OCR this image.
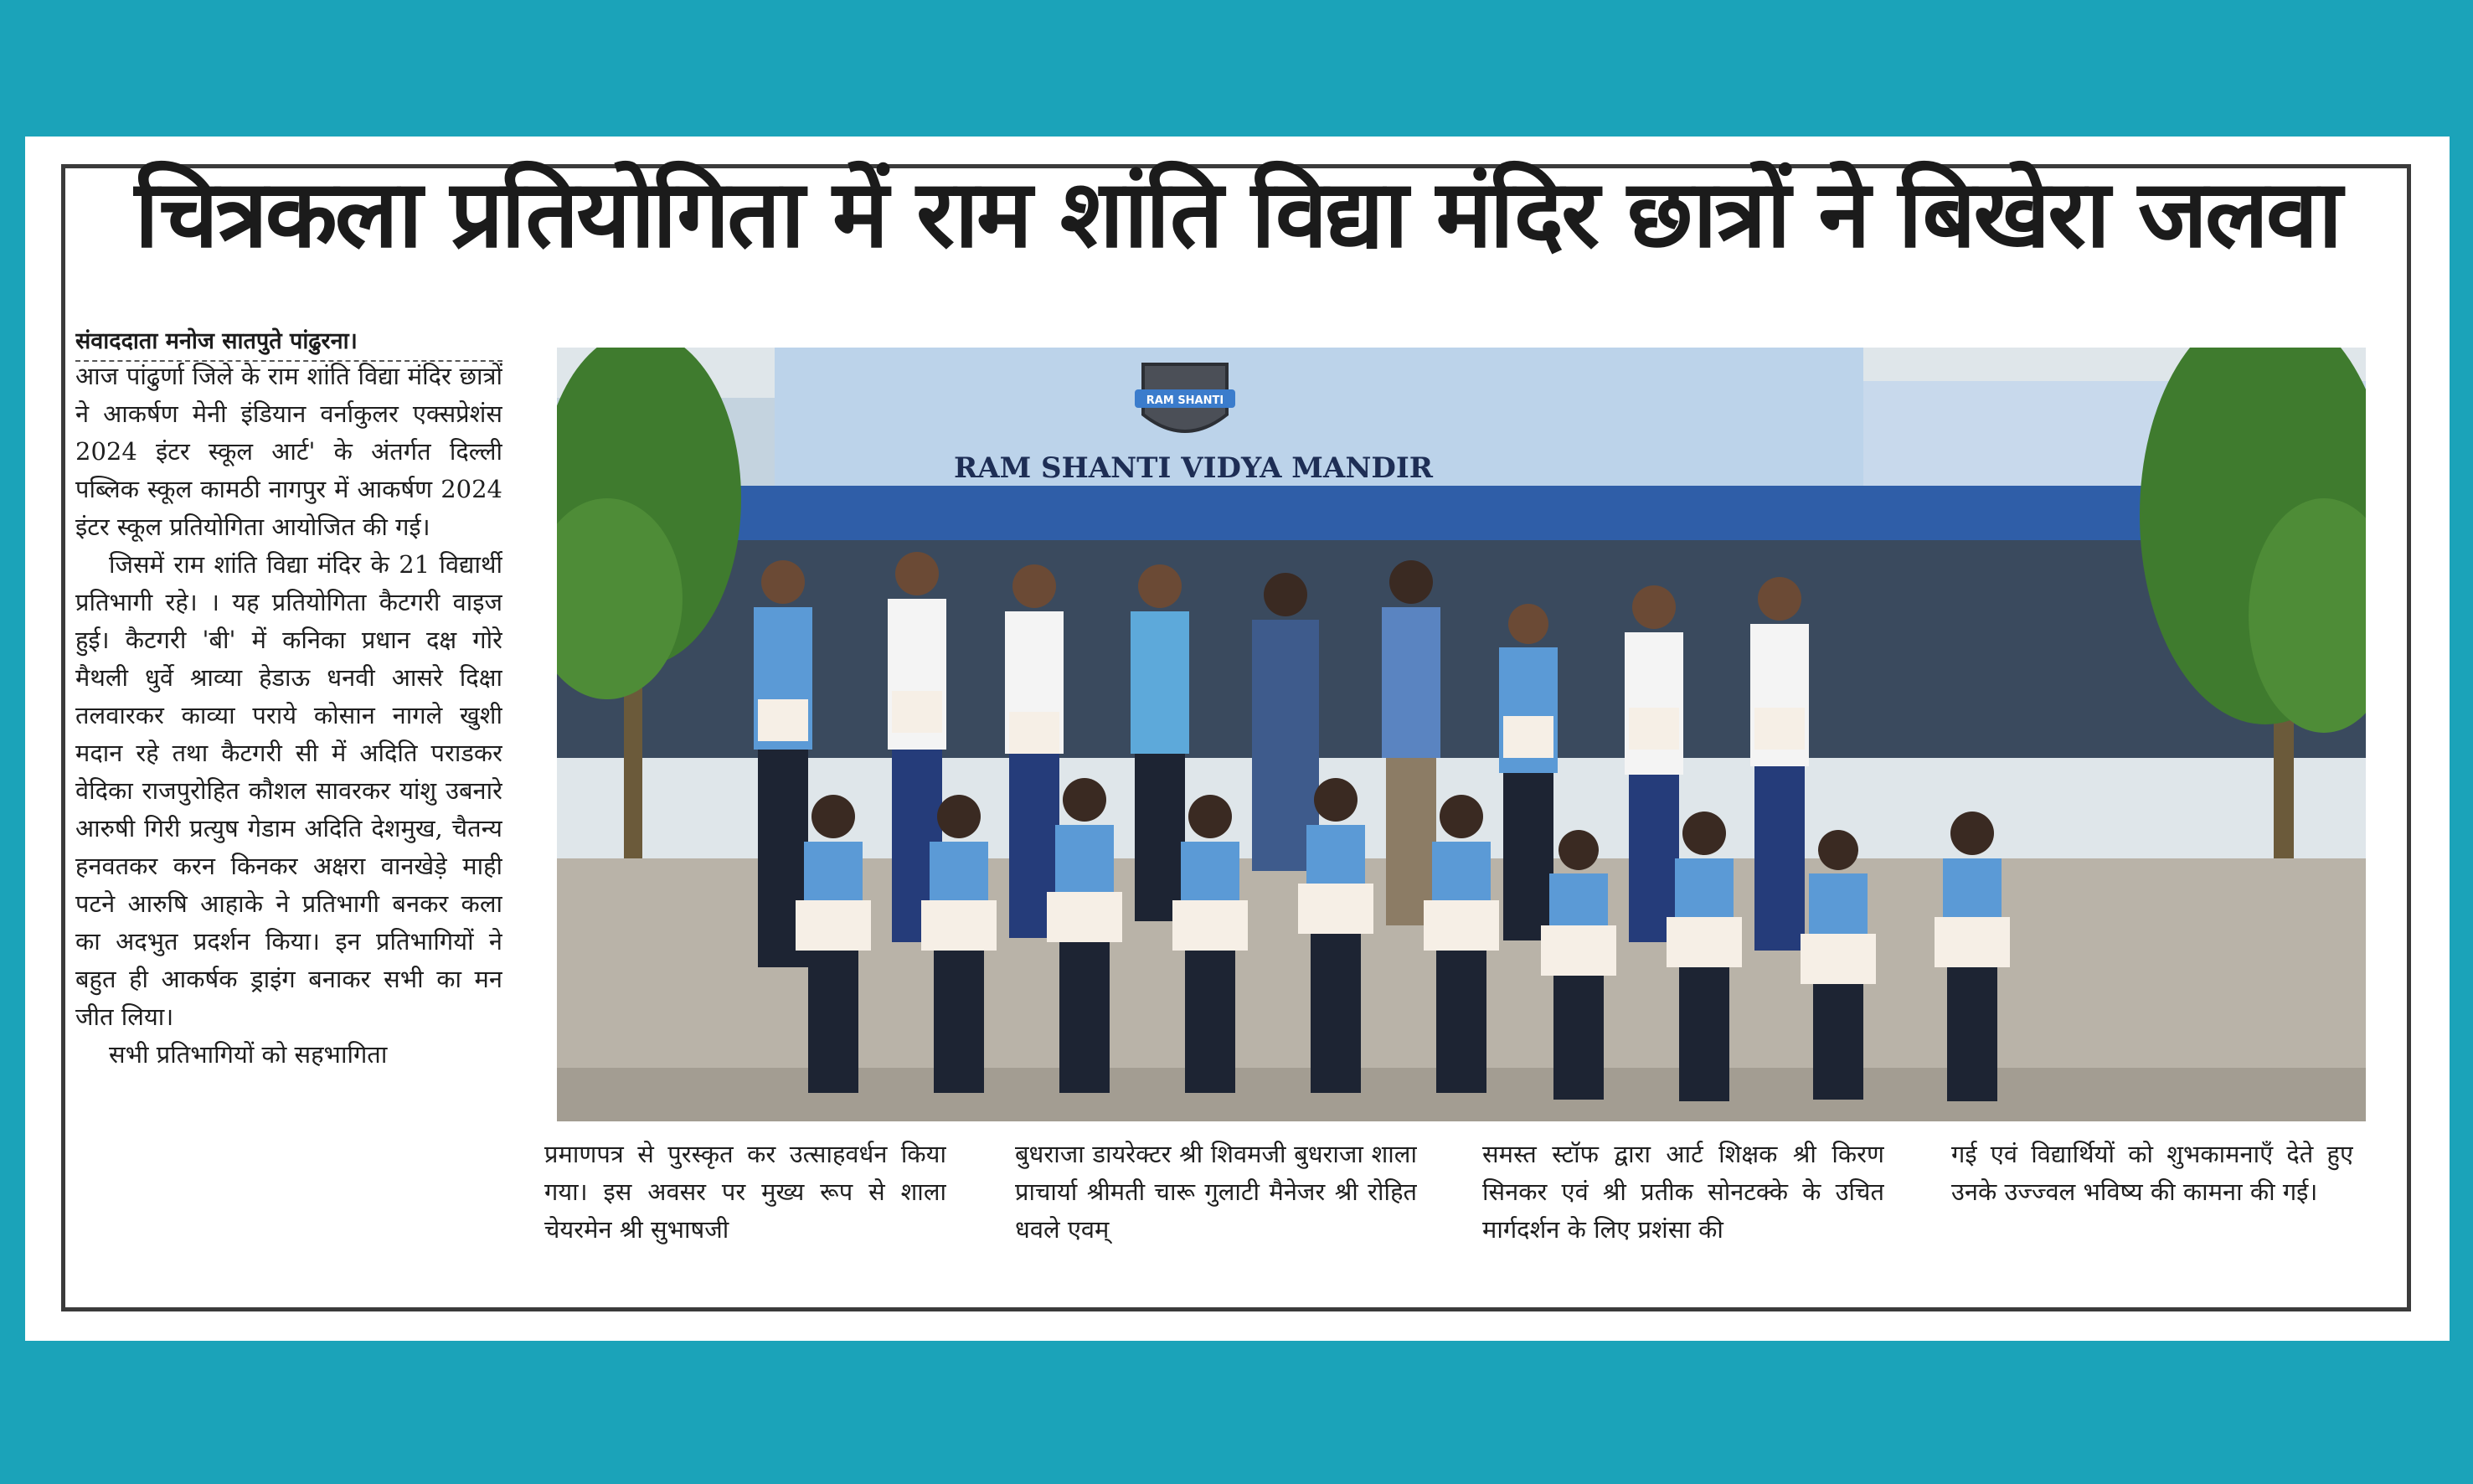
चित्रकला प्रतियोगिता में राम शांति विद्या मंदिर छात्रों ने बिखेरा जलवा
संवाददाता मनोज सातपुते पांढुरना।

आज पांढुर्णा जिले के राम शांति विद्या मंदिर छात्रों ने आकर्षण मेनी इंडियान वर्नाकुलर एक्सप्रेशंस 2024 इंटर स्कूल आर्ट' के अंतर्गत दिल्ली पब्लिक स्कूल कामठी नागपुर में आकर्षण 2024 इंटर स्कूल प्रतियोगिता आयोजित की गई।

जिसमें राम शांति विद्या मंदिर के 21 विद्यार्थी प्रतिभागी रहे। । यह प्रतियोगिता कैटगरी वाइज हुई। कैटगरी 'बी' में कनिका प्रधान दक्ष गोरे मैथली धुर्वे श्राव्या हेडाऊ धनवी आसरे दिक्षा तलवारकर काव्या पराये कोसान नागले खुशी मदान रहे तथा कैटगरी सी में अदिति पराडकर वेदिका राजपुरोहित कौशल सावरकर यांशु उबनारे आरुषी गिरी प्रत्युष गेडाम अदिति देशमुख, चैतन्य हनवतकर करन किनकर अक्षरा वानखेड़े माही पटने आरुषि आहाके ने प्रतिभागी बनकर कला का अदभुत प्रदर्शन किया। इन प्रतिभागियों ने बहुत ही आकर्षक ड्राइंग बनाकर सभी का मन जीत लिया।

सभी प्रतिभागियों को सहभागिता

RAM SHANTI
RAM SHANTI VIDYA MANDIR

प्रमाणपत्र से पुरस्कृत कर उत्साहवर्धन किया गया। इस अवसर पर मुख्य रूप से शाला चेयरमेन श्री सुभाषजी

बुधराजा डायरेक्टर श्री शिवमजी बुधराजा शाला प्राचार्या श्रीमती चारू गुलाटी मैनेजर श्री रोहित धवले एवम्

समस्त स्टॉफ द्वारा आर्ट शिक्षक श्री किरण सिनकर एवं श्री प्रतीक सोनटक्के के उचित मार्गदर्शन के लिए प्रशंसा की

गई एवं विद्यार्थियों को शुभकामनाएँ देते हुए उनके उज्ज्वल भविष्य की कामना की गई।
